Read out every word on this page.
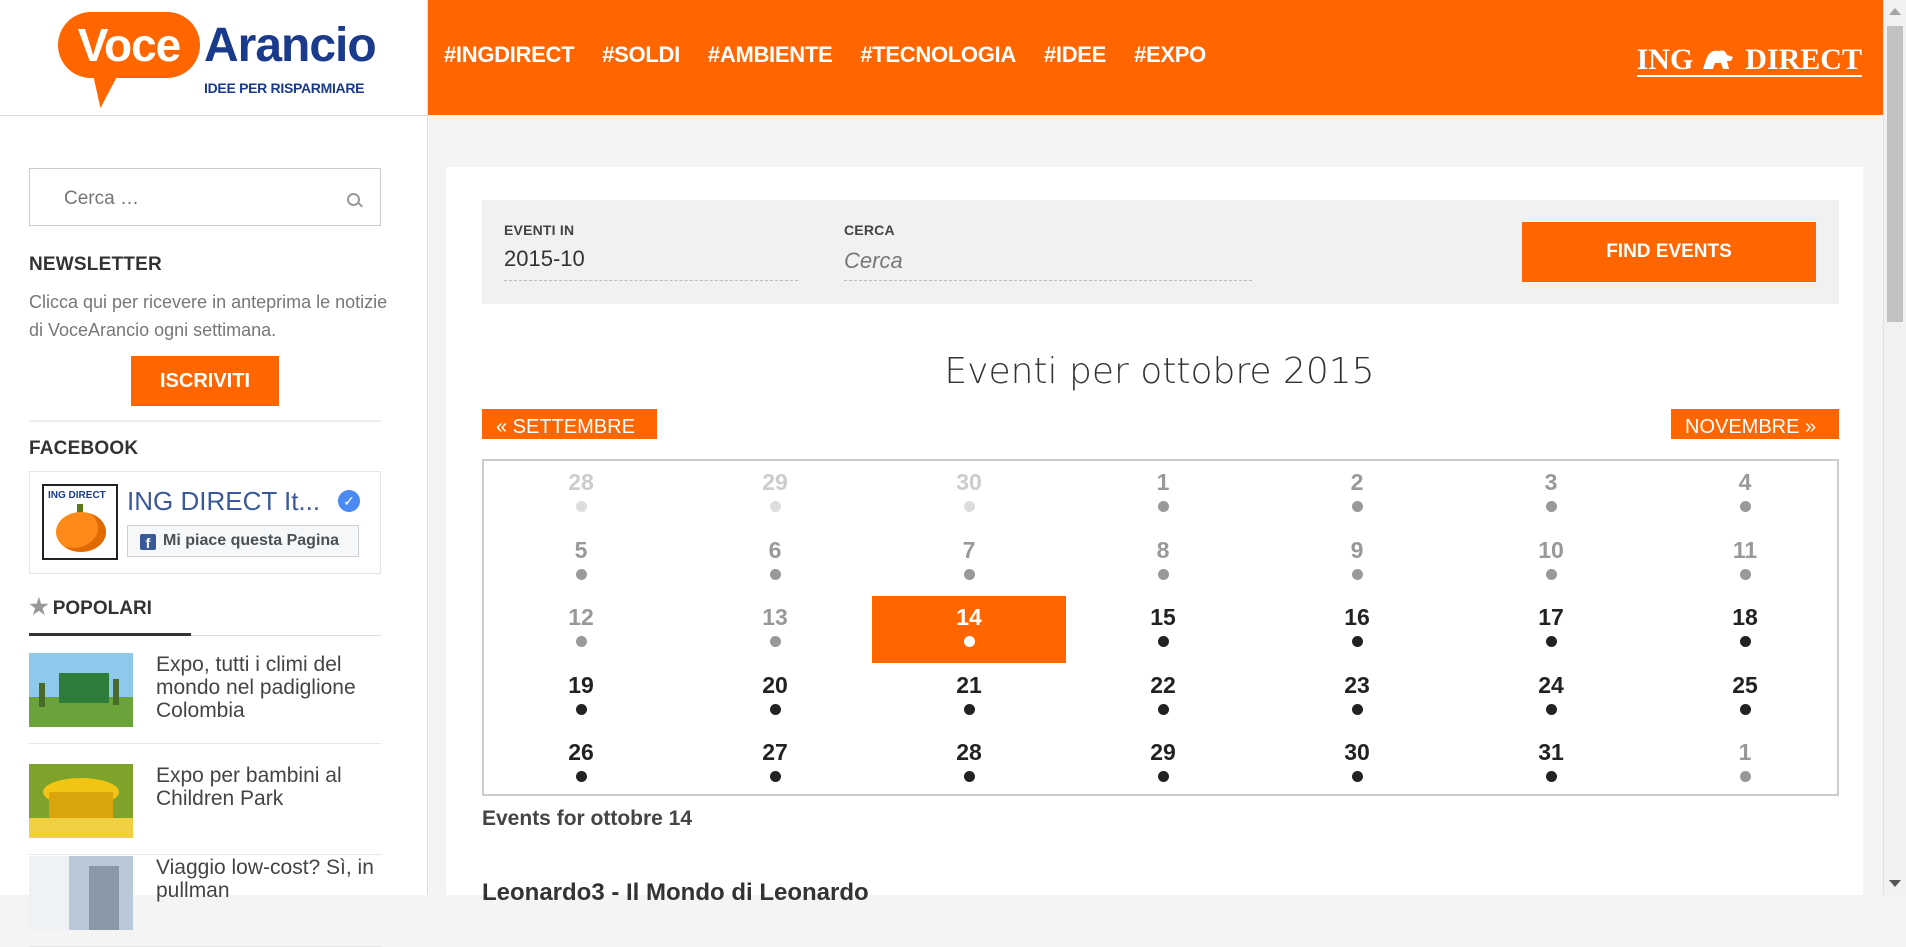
Voce Arancio
IDEE PER RISPARMIARE
#INGDIRECT #SOLDI #AMBIENTE #TECNOLOGIA #IDEE #EXPO	ING DIRECT
Cerca …
NEWSLETTER
Clicca qui per ricevere in anteprima le notizie di VoceArancio ogni settimana.
ISCRIVITI
FACEBOOK
ING DIRECT ING DIRECT It...	✓
f Mi piace questa Pagina
★ POPOLARI
Expo, tutti i climi del mondo nel padiglione Colombia
Expo per bambini al Children Park
Viaggio low-cost? Sì, in pullman
EVENTI IN
2015-10
CERCA
Cerca	FIND EVENTS
Eventi per ottobre 2015
« SETTEMBRE	NOVEMBRE »
28	29	30	1	2	3	4
5	6	7	8	9	10	11
12	13	14	15	16	17	18
19	20	21	22	23	24	25
26	27	28	29	30	31	1
Events for ottobre 14
Leonardo3 - Il Mondo di Leonardo
